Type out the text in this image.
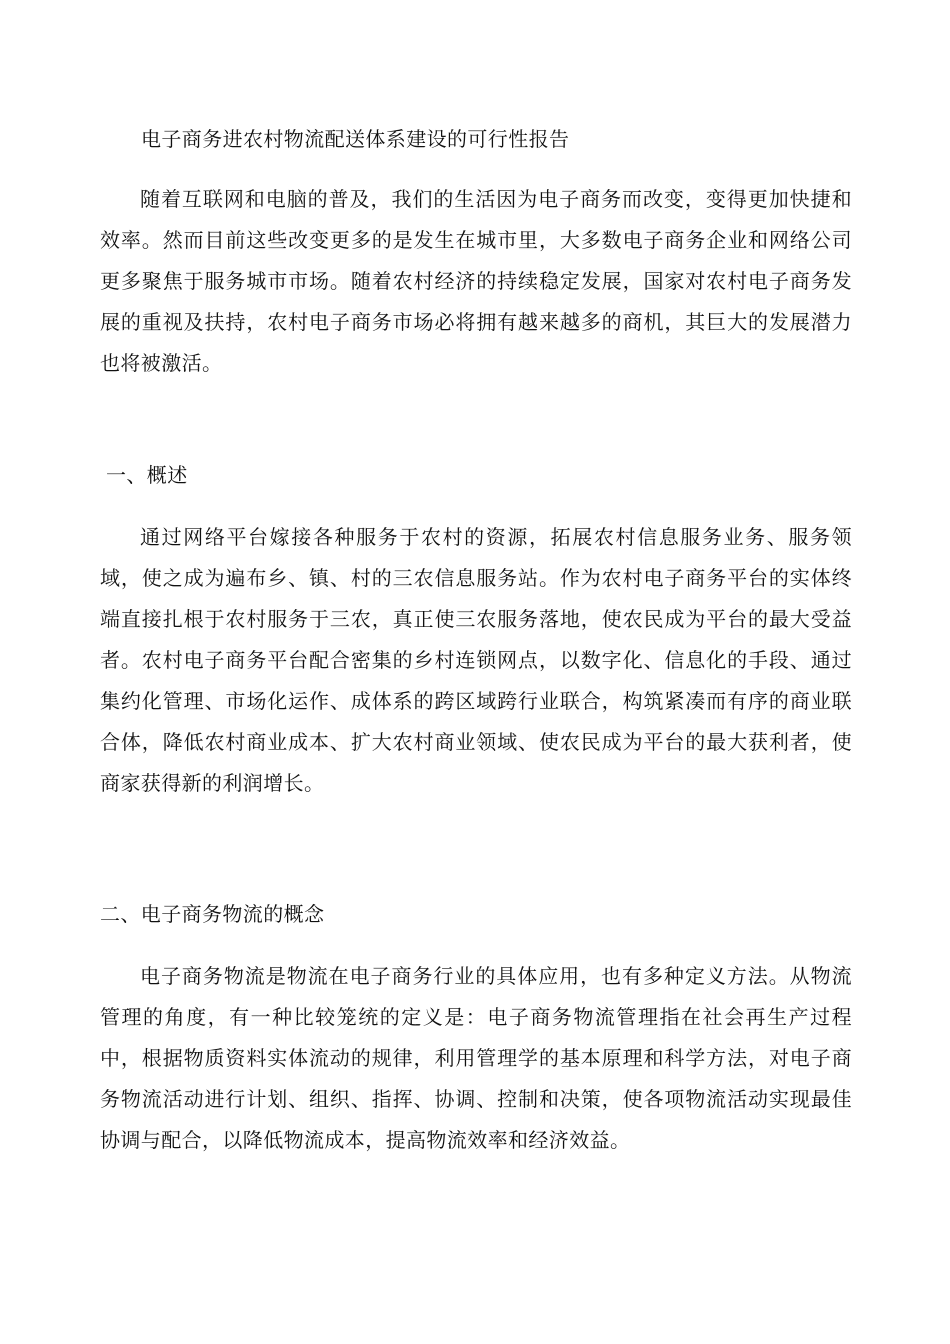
电子商务进农村物流配送体系建设的可行性报告

随着互联网和电脑的普及，我们的生活因为电子商务而改变，变得更加快捷和效率。然而目前这些改变更多的是发生在城市里，大多数电子商务企业和网络公司更多聚焦于服务城市市场。随着农村经济的持续稳定发展，国家对农村电子商务发展的重视及扶持，农村电子商务市场必将拥有越来越多的商机，其巨大的发展潜力也将被激活。

一、概述

通过网络平台嫁接各种服务于农村的资源，拓展农村信息服务业务、服务领域，使之成为遍布乡、镇、村的三农信息服务站。作为农村电子商务平台的实体终端直接扎根于农村服务于三农，真正使三农服务落地，使农民成为平台的最大受益者。农村电子商务平台配合密集的乡村连锁网点，以数字化、信息化的手段、通过集约化管理、市场化运作、成体系的跨区域跨行业联合，构筑紧凑而有序的商业联合体，降低农村商业成本、扩大农村商业领域、使农民成为平台的最大获利者，使商家获得新的利润增长。

二、电子商务物流的概念

电子商务物流是物流在电子商务行业的具体应用，也有多种定义方法。从物流管理的角度，有一种比较笼统的定义是：电子商务物流管理指在社会再生产过程中，根据物质资料实体流动的规律，利用管理学的基本原理和科学方法，对电子商务物流活动进行计划、组织、指挥、协调、控制和决策，使各项物流活动实现最佳协调与配合，以降低物流成本，提高物流效率和经济效益。
